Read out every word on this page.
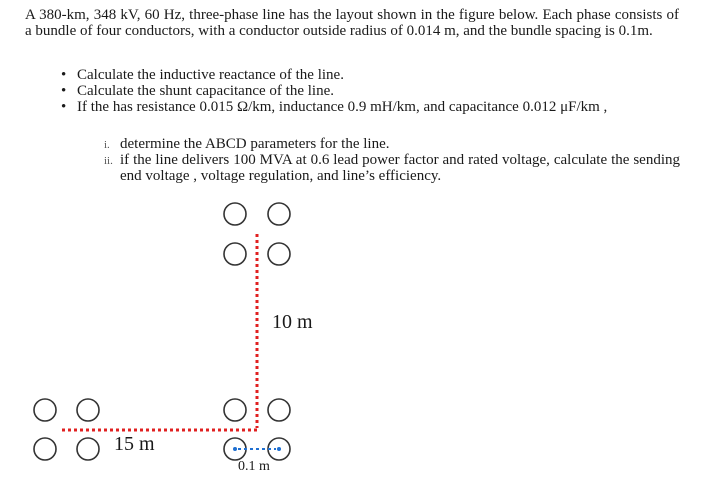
A 380-km, 348 kV, 60 Hz, three-phase line has the layout shown in the figure below. Each phase consists of a bundle of four conductors, with a conductor outside radius of 0.014 m, and the bundle spacing is 0.1m.
• Calculate the inductive reactance of the line.
• Calculate the shunt capacitance of the line.
• If the has resistance 0.015 Ω/km, inductance 0.9 mH/km, and capacitance 0.012 μF/km ,
i. determine the ABCD parameters for the line.
ii. if the line delivers 100 MVA at 0.6 lead power factor and rated voltage, calculate the sending end voltage , voltage regulation, and line’s efficiency.
10 m
15 m
0.1 m
